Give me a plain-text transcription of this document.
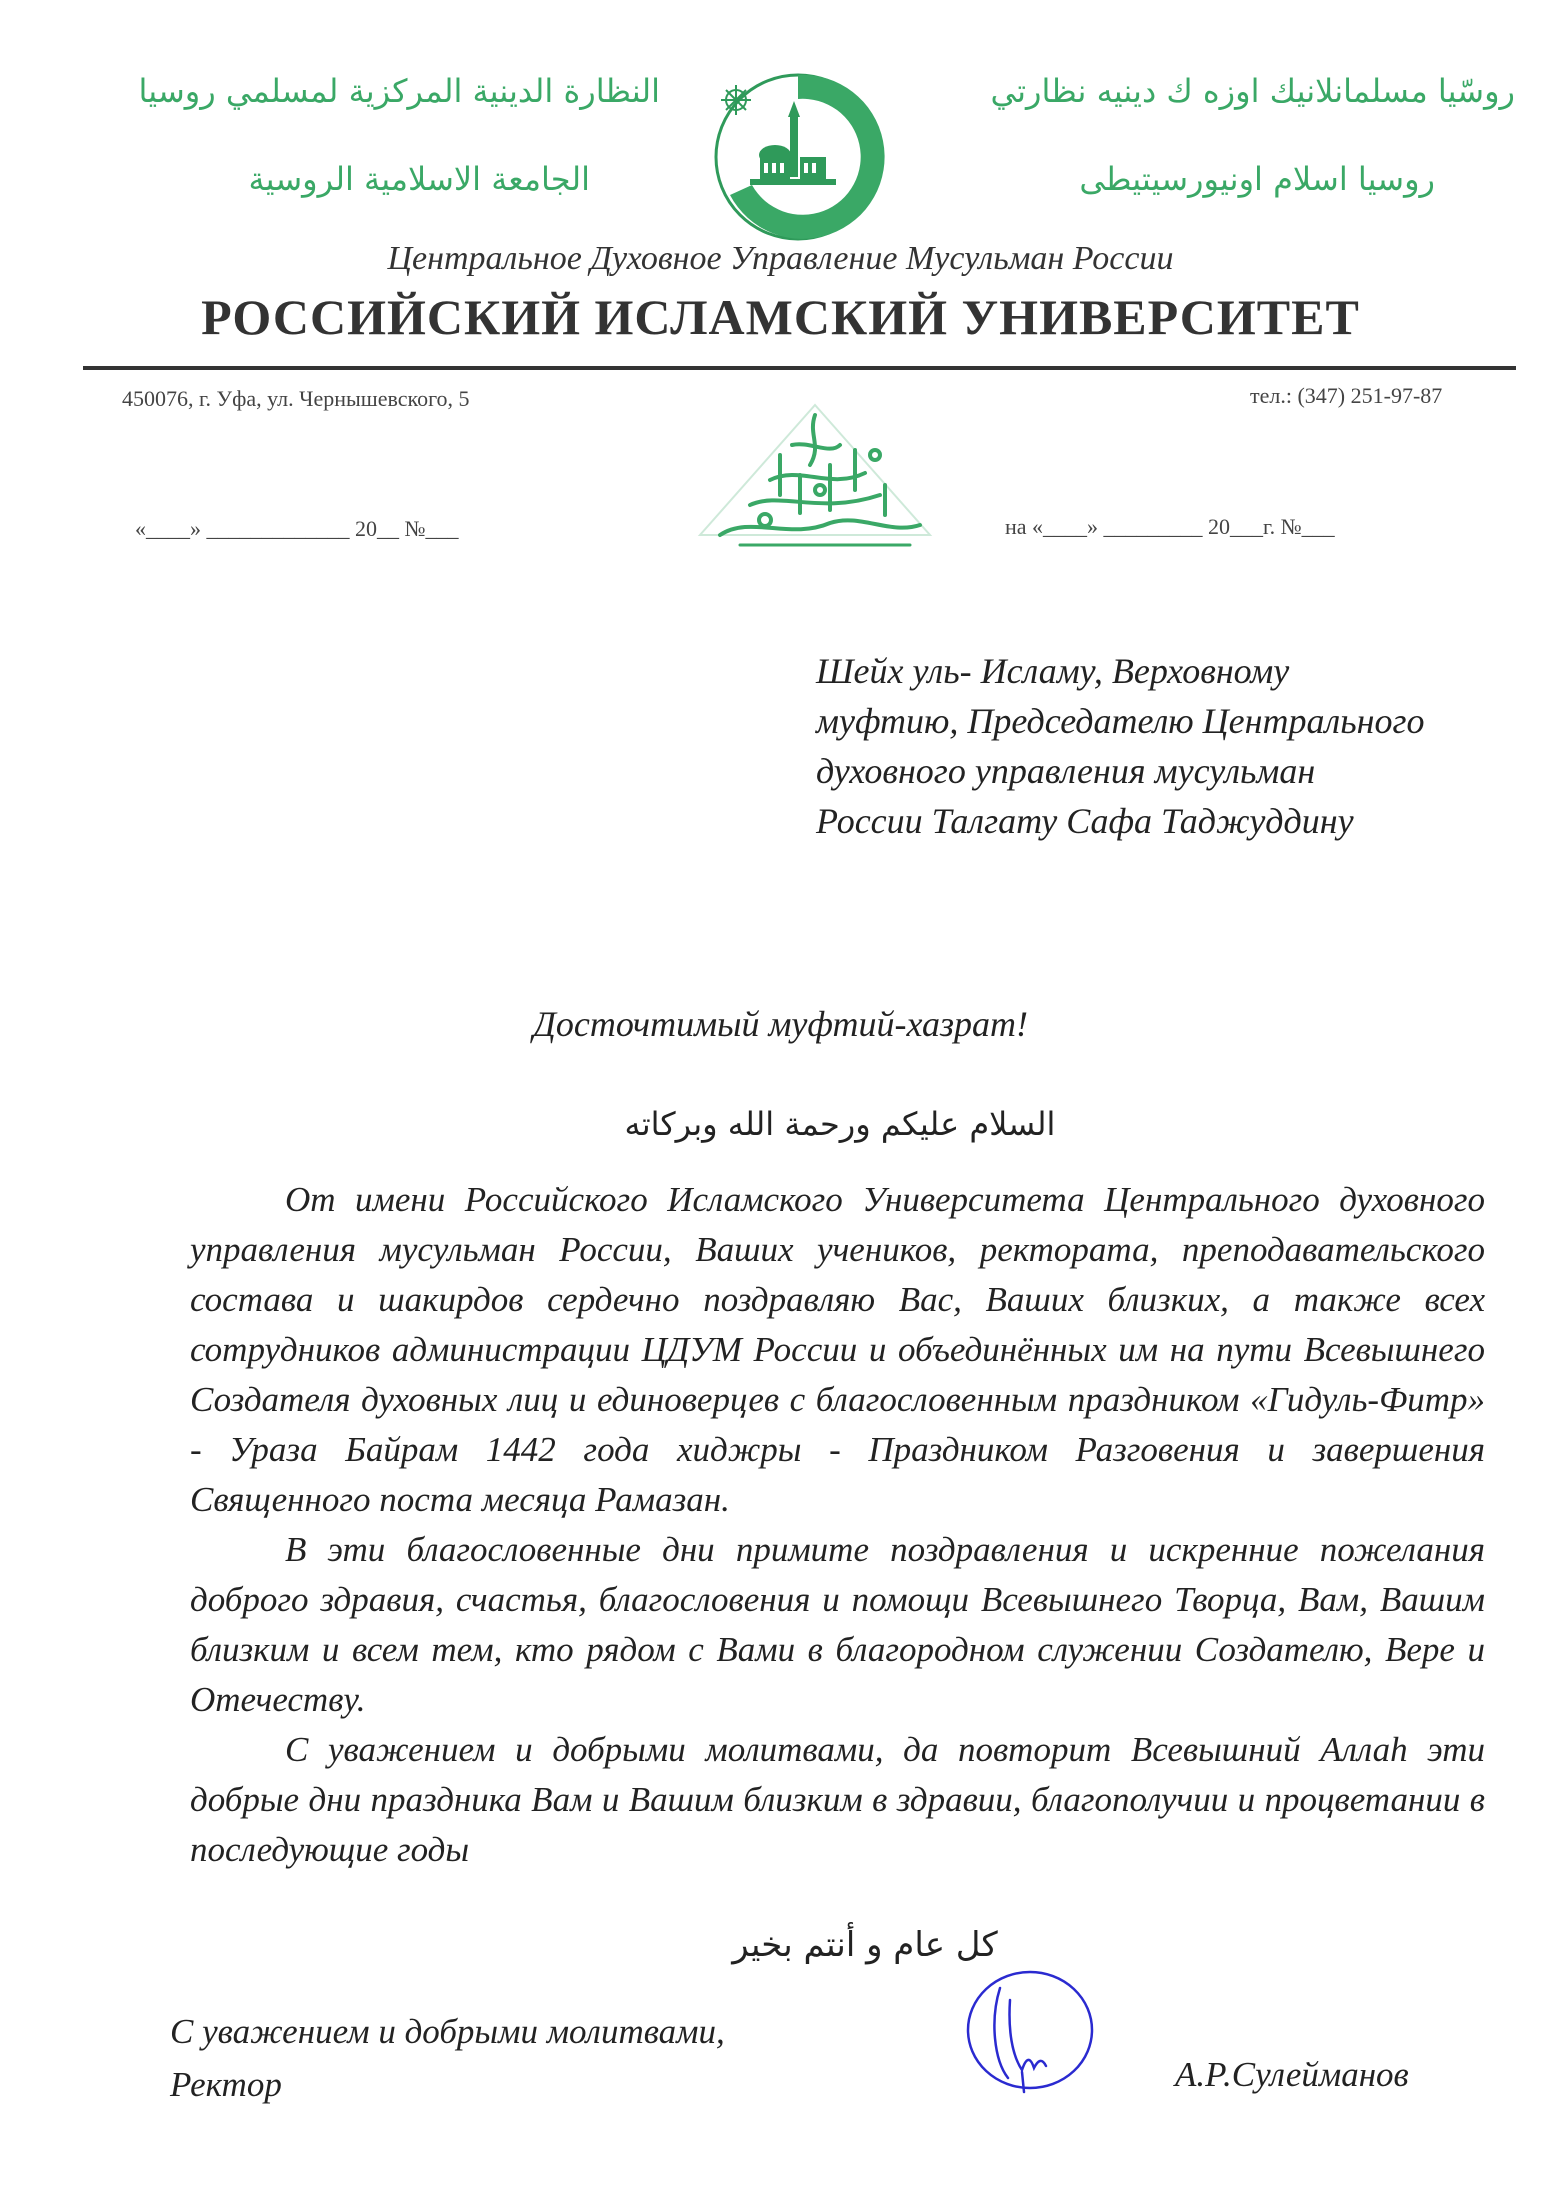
النظارة الدينية المركزية لمسلمي روسيا
الجامعة الاسلامية الروسية
روسّيا مسلمانلانيك اوزه ك دينيه نظارتي
روسيا اسلام اونيورسيتيطى
Центральное Духовное Управление Мусульман России
РОССИЙСКИЙ ИСЛАМСКИЙ УНИВЕРСИТЕТ
450076, г. Уфа, ул. Чернышевского, 5	тел.: (347) 251-97-87
«____» _____________ 20__ №___	на «____» _________ 20___г. №___
Шейх уль- Исламу, Верховному
муфтию, Председателю Центрального
духовного управления мусульман
России Талгату Сафа Таджуддину
Досточтимый муфтий-хазрат!
السلام عليكم ورحمة الله وبركاته

От имени Российского Исламского Университета Центрального духовного управления мусульман России, Ваших учеников, ректората, преподавательского состава и шакирдов сердечно поздравляю Вас, Ваших близких, а также всех сотрудников администрации ЦДУМ России и объединённых им на пути Всевышнего Создателя духовных лиц и единоверцев с благословенным праздником «Гидуль-Фитр» - Ураза Байрам 1442 года хиджры - Праздником Разговения и завершения Священного поста месяца Рамазан.

В эти благословенные дни примите поздравления и искренние пожелания доброго здравия, счастья, благословения и помощи Всевышнего Творца, Вам, Вашим близким и всем тем, кто рядом с Вами в благородном служении Создателю, Вере и Отечеству.

С уважением и добрыми молитвами, да повторит Всевышний Аллаh эти добрые дни праздника Вам и Вашим близким в здравии, благополучии и процветании в последующие годы

كل عام و أنتم بخير
С уважением и добрыми молитвами,
Ректор	А.Р.Сулейманов
